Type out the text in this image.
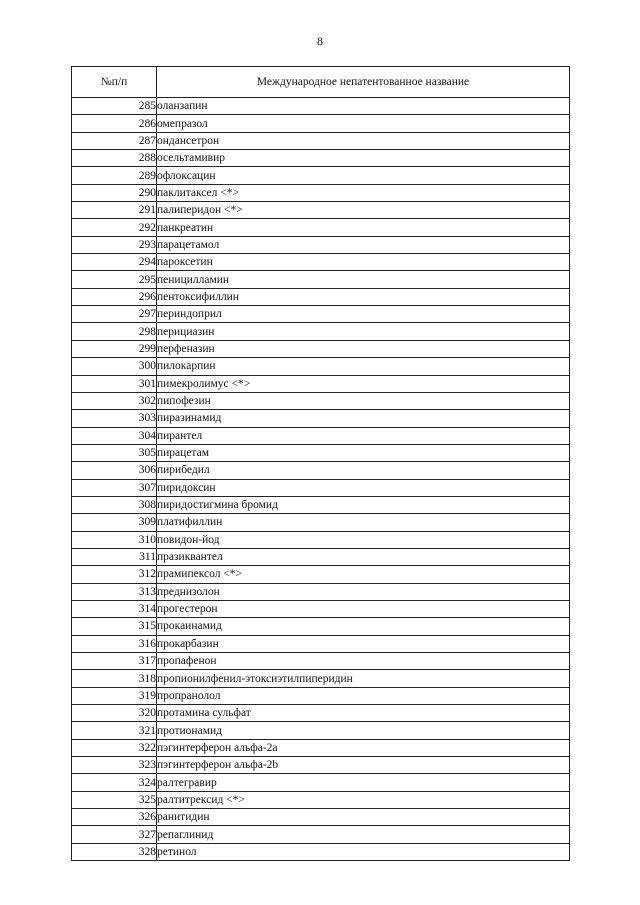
8
№п/п	Международное непатентованное название
285	оланзапин
286	омепразол
287	ондансетрон
288	осельтамивир
289	офлоксацин
290	паклитаксел <*>
291	палиперидон <*>
292	панкреатин
293	парацетамол
294	пароксетин
295	пеницилламин
296	пентоксифиллин
297	периндоприл
298	перициазин
299	перфеназин
300	пилокарпин
301	пимекролимус <*>
302	пипофезин
303	пиразинамид
304	пирантел
305	пирацетам
306	пирибедил
307	пиридоксин
308	пиридостигмина бромид
309	платифиллин
310	повидон-йод
311	празиквантел
312	прамипексол <*>
313	преднизолон
314	прогестерон
315	прокаинамид
316	прокарбазин
317	пропафенон
318	пропионилфенил-этоксиэтилпиперидин
319	пропранолол
320	протамина сульфат
321	протионамид
322	пэгинтерферон альфа-2а
323	пэгинтерферон альфа-2b
324	ралтегравир
325	ралтитрексид <*>
326	ранитидин
327	репаглинид
328	ретинол
